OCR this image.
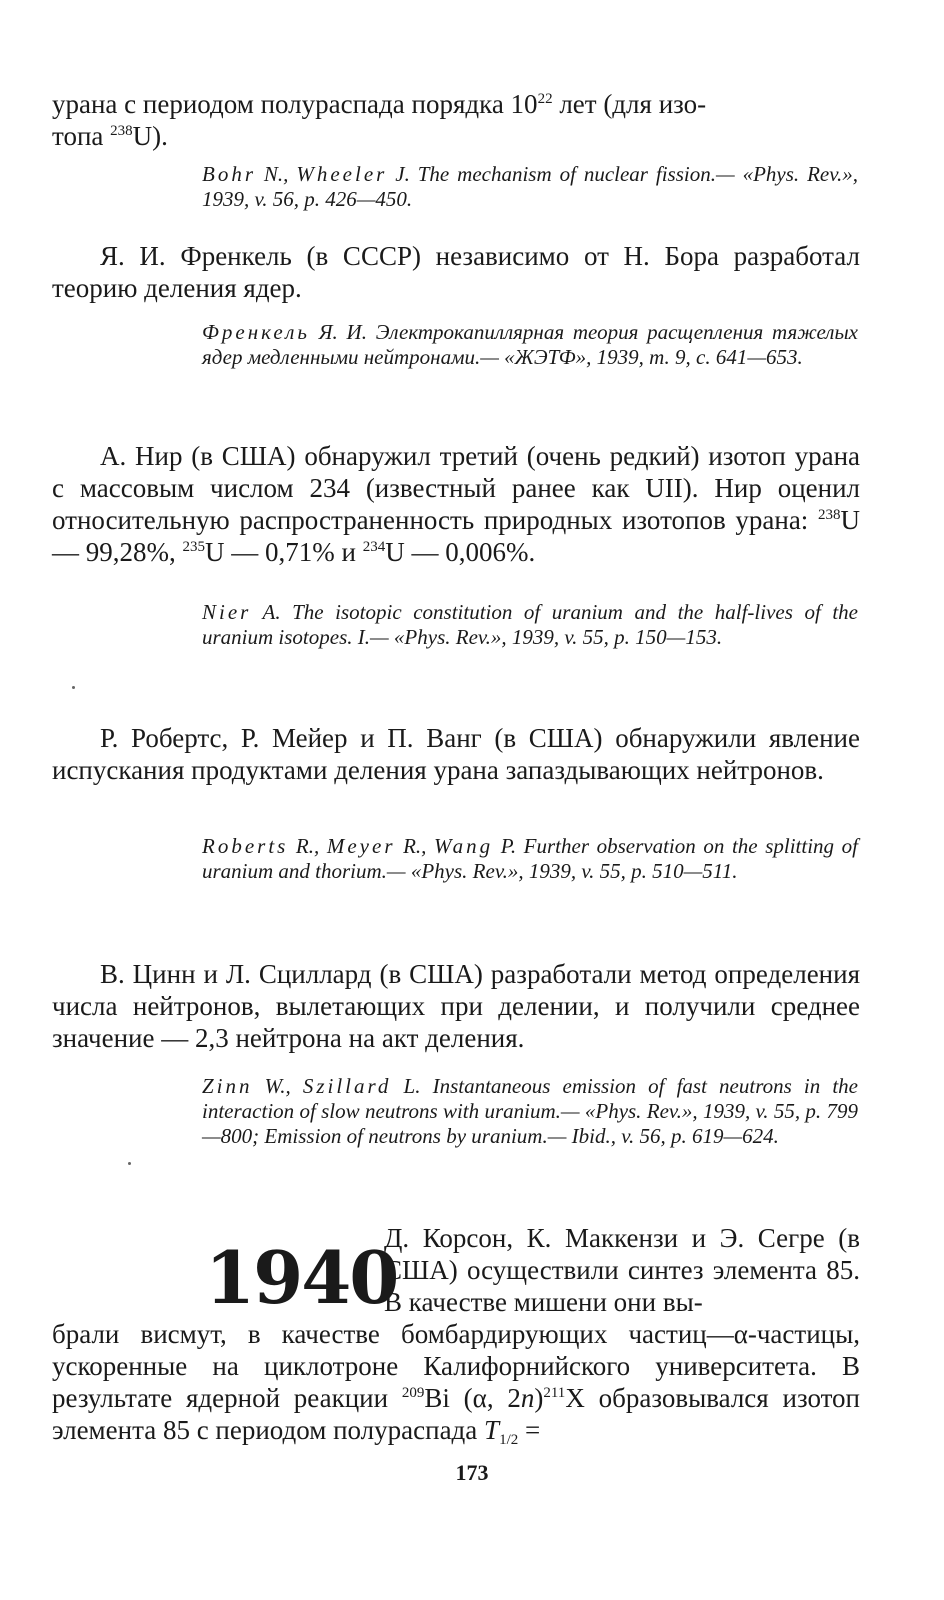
урана с периодом полураспада порядка $10^{22}$ лет (для изо-
топа $^{238}$U).

Bohr N., Wheeler J. The mechanism of nuclear fission.— «Phys. Rev.», 1939, v. 56, p. 426—450.

Я. И. Френкель (в СССР) независимо от Н. Бора разработал теорию деления ядер.

Френкель Я. И. Электрокапиллярная теория расщепления тяжелых ядер медленными нейтронами.— «ЖЭТФ», 1939, т. 9, с. 641—653.

А. Нир (в США) обнаружил третий (очень редкий) изотоп урана с массовым числом 234 (известный ранее как UII). Нир оценил относительную распространенность природных изотопов урана: $^{238}$U — 99,28%, $^{235}$U — 0,71% и $^{234}$U — 0,006%.

Nier A. The isotopic constitution of uranium and the half-lives of the uranium isotopes. I.— «Phys. Rev.», 1939, v. 55, p. 150—153.

Р. Робертс, Р. Мейер и П. Ванг (в США) обнаружили явление испускания продуктами деления урана запаздывающих нейтронов.

Roberts R., Meyer R., Wang P. Further observation on the splitting of uranium and thorium.— «Phys. Rev.», 1939, v. 55, p. 510—511.

В. Цинн и Л. Сциллард (в США) разработали метод определения числа нейтронов, вылетающих при делении, и получили среднее значение — 2,3 нейтрона на акт деления.

Zinn W., Szillard L. Instantaneous emission of fast neutrons in the interaction of slow neutrons with uranium.— «Phys. Rev.», 1939, v. 55, p. 799—800; Emission of neutrons by uranium.— Ibid., v. 56, p. 619—624.

1940

Д. Корсон, К. Маккензи и Э. Сегре (в США) осуществили синтез элемента 85. В качестве мишени они вы-

брали висмут, в качестве бомбардирующих частиц—α-частицы, ускоренные на циклотроне Калифорнийского университета. В результате ядерной реакции $^{209}$Bi (α, 2n)$^{211}$X образовывался изотоп элемента 85 с периодом полураспада $T_{1/2}$ =

173
